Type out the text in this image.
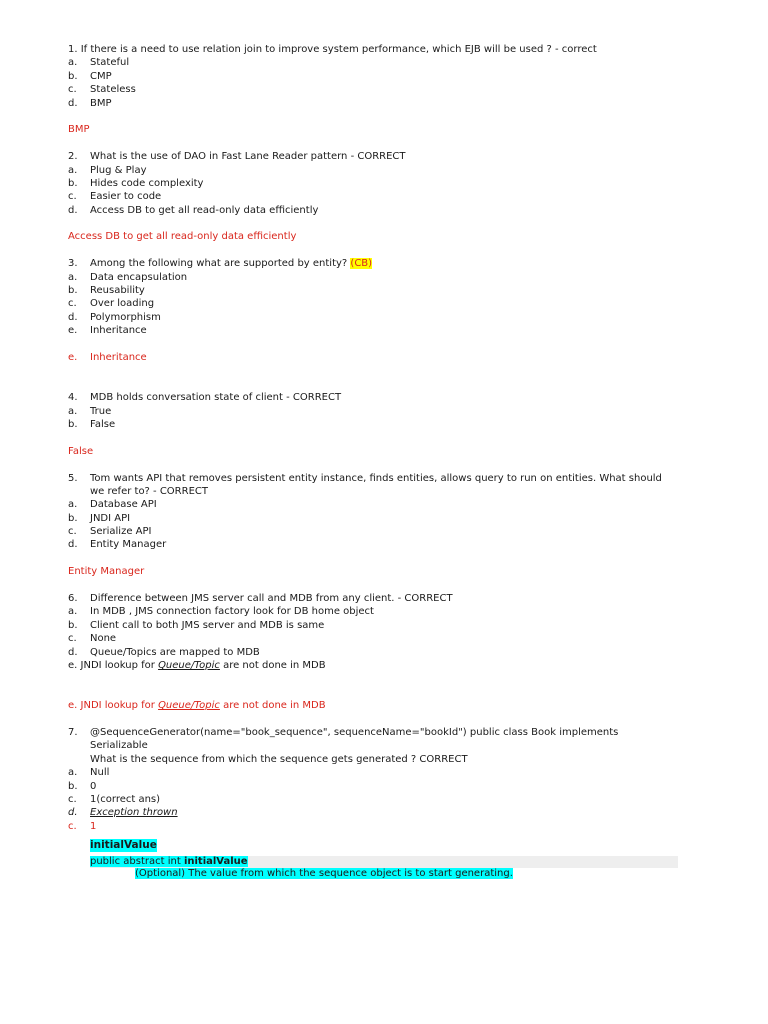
1. If there is a need to use relation join to improve system performance, which EJB will be used ? - correct
a. Stateful
b. CMP
c. Stateless
d. BMP
BMP
2. What is the use of DAO in Fast Lane Reader pattern - CORRECT
a. Plug & Play
b. Hides code complexity
c. Easier to code
d. Access DB to get all read-only data efficiently
Access DB to get all read-only data efficiently
3. Among the following what are supported by entity? (CB)
a. Data encapsulation
b. Reusability
c. Over loading
d. Polymorphism
e. Inheritance
e. Inheritance
4. MDB holds conversation state of client - CORRECT
a. True
b. False
False
5. Tom wants API that removes persistent entity instance, finds entities, allows query to run on entities. What should
we refer to? - CORRECT
a. Database API
b. JNDI API
c. Serialize API
d. Entity Manager
Entity Manager
6. Difference between JMS server call and MDB from any client. - CORRECT
a. In MDB , JMS connection factory look for DB home object
b. Client call to both JMS server and MDB is same
c. None
d. Queue/Topics are mapped to MDB
e. JNDI lookup for Queue/Topic are not done in MDB
e. JNDI lookup for Queue/Topic are not done in MDB
7. @SequenceGenerator(name="book_sequence", sequenceName="bookId") public class Book implements
Serializable
What is the sequence from which the sequence gets generated ? CORRECT
a. Null
b. 0
c. 1(correct ans)
d. Exception thrown
c. 1
initialValue
public abstract int initialValue
(Optional) The value from which the sequence object is to start generating.
